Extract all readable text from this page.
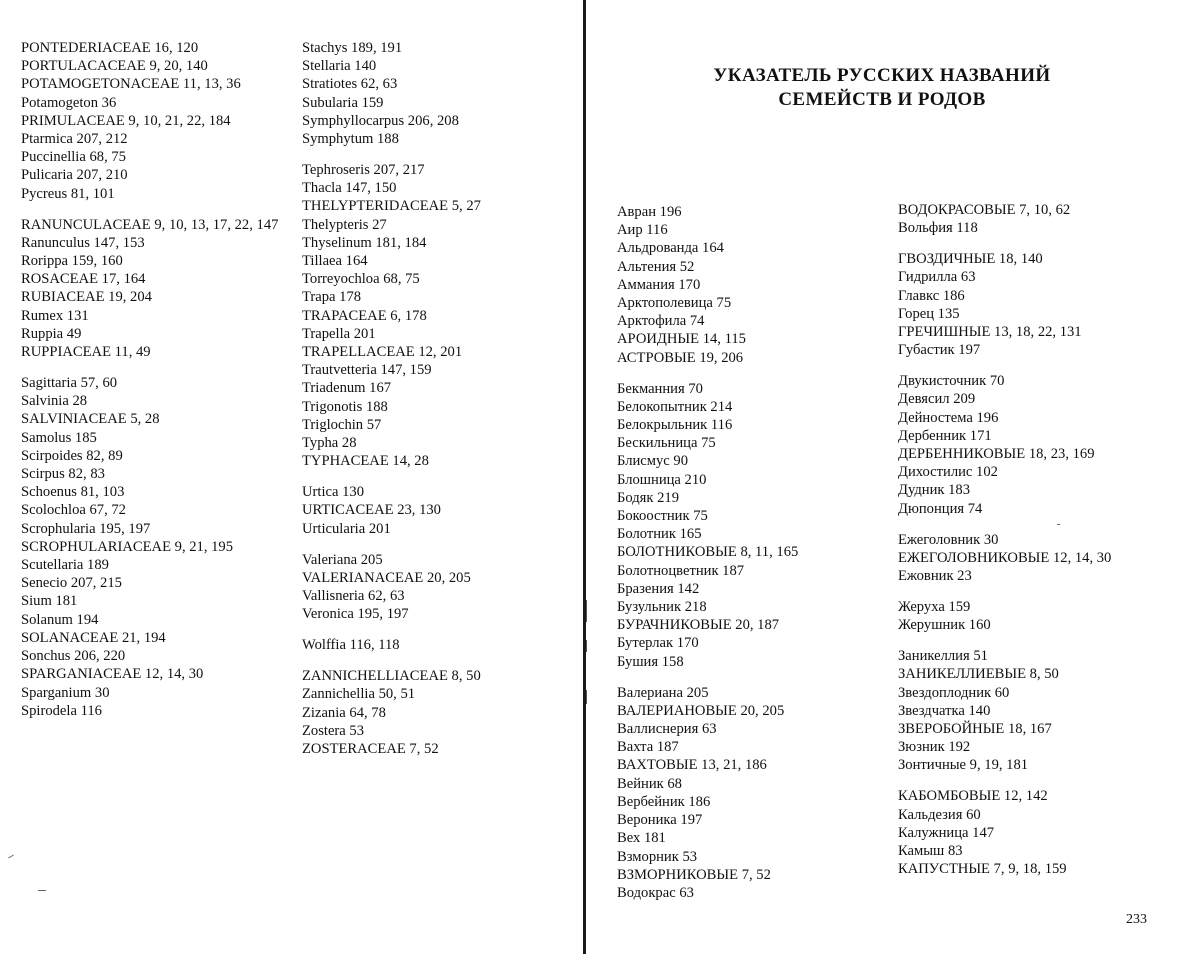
PONTEDERIACEAE 16, 120
PORTULACACEAE 9, 20, 140
POTAMOGETONACEAE 11, 13, 36
Potamogeton 36
PRIMULACEAE 9, 10, 21, 22, 184
Ptarmica 207, 212
Puccinellia 68, 75
Pulicaria 207, 210
Pycreus 81, 101
RANUNCULACEAE 9, 10, 13, 17, 22, 147
Ranunculus 147, 153
Rorippa 159, 160
ROSACEAE 17, 164
RUBIACEAE 19, 204
Rumex 131
Ruppia 49
RUPPIACEAE 11, 49
Sagittaria 57, 60
Salvinia 28
SALVINIACEAE 5, 28
Samolus 185
Scirpoides 82, 89
Scirpus 82, 83
Schoenus 81, 103
Scolochloa 67, 72
Scrophularia 195, 197
SCROPHULARIACEAE 9, 21, 195
Scutellaria 189
Senecio 207, 215
Sium 181
Solanum 194
SOLANACEAE 21, 194
Sonchus 206, 220
SPARGANIACEAE 12, 14, 30
Sparganium 30
Spirodela 116
Stachys 189, 191
Stellaria 140
Stratiotes 62, 63
Subularia 159
Symphyllocarpus 206, 208
Symphytum 188
Tephroseris 207, 217
Thacla 147, 150
THELYPTERIDACEAE 5, 27
Thelypteris 27
Thyselinum 181, 184
Tillaea 164
Torreyochloa 68, 75
Trapa 178
TRAPACEAE 6, 178
Trapella 201
TRAPELLACEAE 12, 201
Trautvetteria 147, 159
Triadenum 167
Trigonotis 188
Triglochin 57
Typha 28
TYPHACEAE 14, 28
Urtica 130
URTICACEAE 23, 130
Urticularia 201
Valeriana 205
VALERIANACEAE 20, 205
Vallisneria 62, 63
Veronica 195, 197
Wolffia 116, 118
ZANNICHELLIACEAE 8, 50
Zannichellia 50, 51
Zizania 64, 78
Zostera 53
ZOSTERACEAE 7, 52
УКАЗАТЕЛЬ РУССКИХ НАЗВАНИЙ
СЕМЕЙСТВ И РОДОВ
Авран 196
Аир 116
Альдрованда 164
Альтения 52
Аммания 170
Арктополевица 75
Арктофила 74
АРОИДНЫЕ 14, 115
АСТРОВЫЕ 19, 206
Бекманния 70
Белокопытник 214
Белокрыльник 116
Бескильница 75
Блисмус 90
Блошница 210
Бодяк 219
Бокоостник 75
Болотник 165
БОЛОТНИКОВЫЕ 8, 11, 165
Болотноцветник 187
Бразения 142
Бузульник 218
БУРАЧНИКОВЫЕ 20, 187
Бутерлак 170
Бушия 158
Валериана 205
ВАЛЕРИАНОВЫЕ 20, 205
Валлиснерия 63
Вахта 187
ВАХТОВЫЕ 13, 21, 186
Вейник 68
Вербейник 186
Вероника 197
Вех 181
Взморник 53
ВЗМОРНИКОВЫЕ 7, 52
Водокрас 63
ВОДОКРАСОВЫЕ 7, 10, 62
Вольфия 118
ГВОЗДИЧНЫЕ 18, 140
Гидрилла 63
Главкс 186
Горец 135
ГРЕЧИШНЫЕ 13, 18, 22, 131
Губастик 197
Двукисточник 70
Девясил 209
Дейностема 196
Дербенник 171
ДЕРБЕННИКОВЫЕ 18, 23, 169
Дихостилис 102
Дудник 183
Дюпонция 74
Ежеголовник 30
ЕЖЕГОЛОВНИКОВЫЕ 12, 14, 30
Ежовник 23
Жеруха 159
Жерушник 160
Заникеллия 51
ЗАНИКЕЛЛИЕВЫЕ 8, 50
Звездоплодник 60
Звездчатка 140
ЗВЕРОБОЙНЫЕ 18, 167
Зюзник 192
Зонтичные 9, 19, 181
КАБОМБОВЫЕ 12, 142
Кальдезия 60
Калужница 147
Камыш 83
КАПУСТНЫЕ 7, 9, 18, 159
233
